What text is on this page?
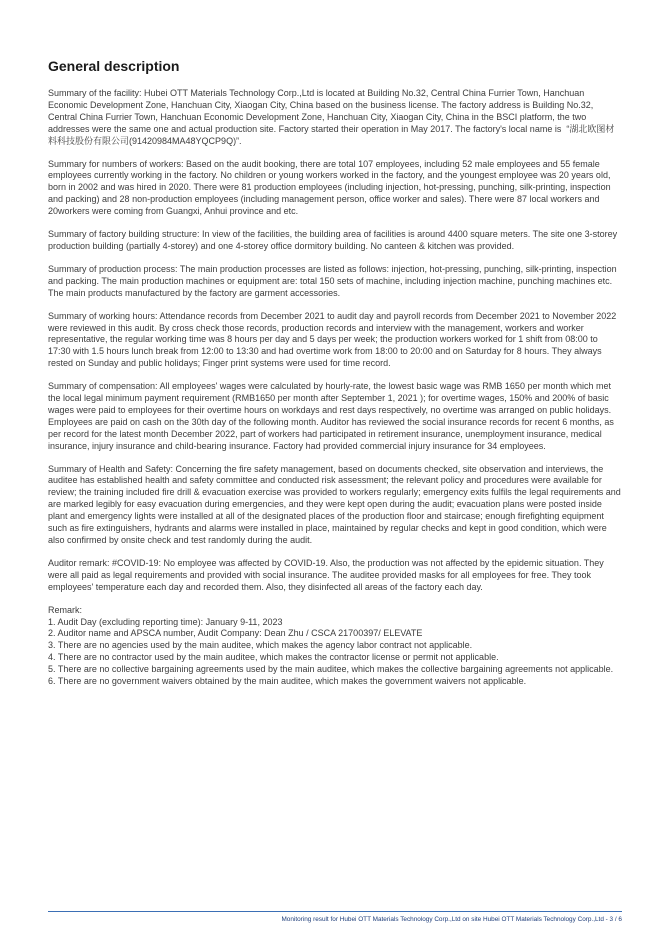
General description

Summary of the facility: Hubei OTT Materials Technology Corp.,Ltd is located at Building No.32, Central China Furrier Town, Hanchuan Economic Development Zone, Hanchuan City, Xiaogan City, China based on the business license. The factory address is Building No.32, Central China Furrier Town, Hanchuan Economic Development Zone, Hanchuan City, Xiaogan City, China in the BSCI platform, the two addresses were the same one and actual production site. Factory started their operation in May 2017. The factory's local name is  “湖北欧图材料科技股份有限公司(91420984MA48YQCP9Q)”.

Summary for numbers of workers: Based on the audit booking, there are total 107 employees, including 52 male employees and 55 female employees currently working in the factory. No children or young workers worked in the factory, and the youngest employee was 20 years old, born in 2002 and was hired in 2020. There were 81 production employees (including injection, hot-pressing, punching, silk-printing, inspection and packing) and 28 non-production employees (including management person, office worker and sales). There were 87 local workers and 20workers were coming from Guangxi, Anhui province and etc.

Summary of factory building structure: In view of the facilities, the building area of facilities is around 4400 square meters. The site one 3-storey production building (partially 4-storey) and one 4-storey office dormitory building. No canteen & kitchen was provided.

Summary of production process: The main production processes are listed as follows: injection, hot-pressing, punching, silk-printing, inspection and packing. The main production machines or equipment are: total 150 sets of machine, including injection machine, punching machines etc. The main products manufactured by the factory are garment accessories.

Summary of working hours: Attendance records from December 2021 to audit day and payroll records from December 2021 to November 2022 were reviewed in this audit. By cross check those records, production records and interview with the management, workers and worker representative, the regular working time was 8 hours per day and 5 days per week; the production workers worked for 1 shift from 08:00 to 17:30 with 1.5 hours lunch break from 12:00 to 13:30 and had overtime work from 18:00 to 20:00 and on Saturday for 8 hours. They always rested on Sunday and public holidays; Finger print systems were used for time record.

Summary of compensation: All employees' wages were calculated by hourly-rate, the lowest basic wage was RMB 1650 per month which met the local legal minimum payment requirement (RMB1650 per month after September 1, 2021 ); for overtime wages, 150% and 200% of basic wages were paid to employees for their overtime hours on workdays and rest days respectively, no overtime was arranged on public holidays. Employees are paid on cash on the 30th day of the following month. Auditor has reviewed the social insurance records for recent 6 months, as per record for the latest month December 2022, part of workers had participated in retirement insurance, unemployment insurance, medical insurance, injury insurance and child-bearing insurance. Factory had provided commercial injury insurance for 34 employees.

Summary of Health and Safety: Concerning the fire safety management, based on documents checked, site observation and interviews, the auditee has established health and safety committee and conducted risk assessment; the relevant policy and procedures were available for review; the training included fire drill & evacuation exercise was provided to workers regularly; emergency exits fulfils the legal requirements and are marked legibly for easy evacuation during emergencies, and they were kept open during the audit; evacuation plans were posted inside plant and emergency lights were installed at all of the designated places of the production floor and staircase; enough firefighting equipment such as fire extinguishers, hydrants and alarms were installed in place, maintained by regular checks and kept in good condition, which were also confirmed by onsite check and test randomly during the audit.

Auditor remark: #COVID-19: No employee was affected by COVID-19. Also, the production was not affected by the epidemic situation. They were all paid as legal requirements and provided with social insurance. The auditee provided masks for all employees for free. They took employees' temperature each day and recorded them. Also, they disinfected all areas of the factory each day.

Remark:
1. Audit Day (excluding reporting time): January 9-11, 2023
2. Auditor name and APSCA number, Audit Company: Dean Zhu / CSCA 21700397/ ELEVATE
3. There are no agencies used by the main auditee, which makes the agency labor contract not applicable.
4. There are no contractor used by the main auditee, which makes the contractor license or permit not applicable.
5. There are no collective bargaining agreements used by the main auditee, which makes the collective bargaining agreements not applicable.
6. There are no government waivers obtained by the main auditee, which makes the government waivers not applicable.
Monitoring result for Hubei OTT Materials Technology Corp.,Ltd on site Hubei OTT Materials Technology Corp.,Ltd - 3 / 6
